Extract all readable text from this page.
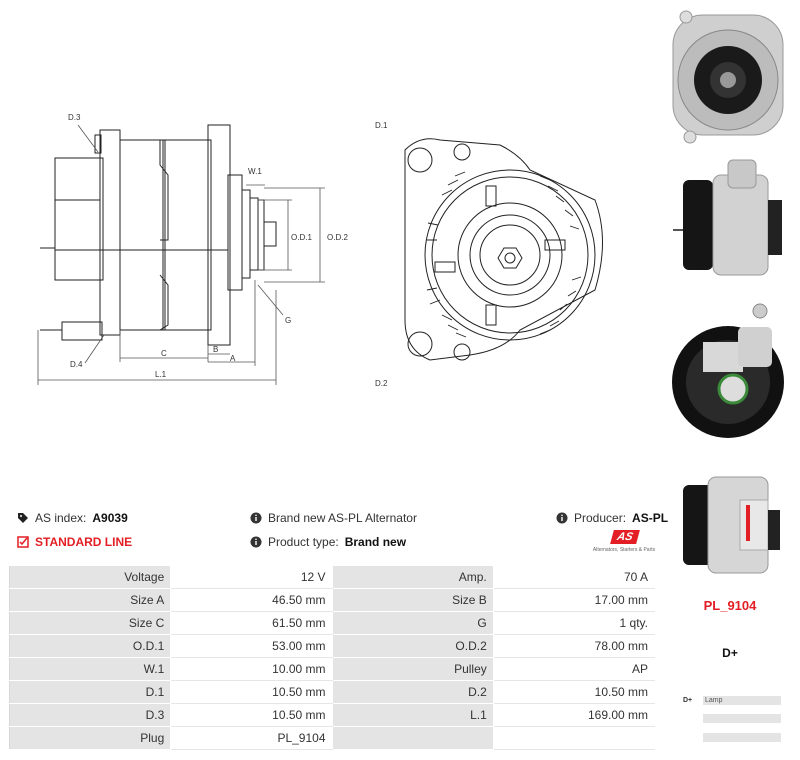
D.3
D.4
W.1
O.D.1 O.D.2
G
C	B
A
L.1
D.1
D.2
AS index: A9039
STANDARD LINE
Brand new AS-PL Alternator
Product type: Brand new
Producer: AS-PL
AS
Alternators, Starters & Parts
Voltage	12 V	Amp.	70 A
Size A	46.50 mm	Size B	17.00 mm
Size C	61.50 mm	G	1 qty.
O.D.1	53.00 mm	O.D.2	78.00 mm
W.1	10.00 mm	Pulley	AP
D.1	10.50 mm	D.2	10.50 mm
D.3	10.50 mm	L.1	169.00 mm
Plug	PL_9104		
PL_9104
D+
D+	Lamp
